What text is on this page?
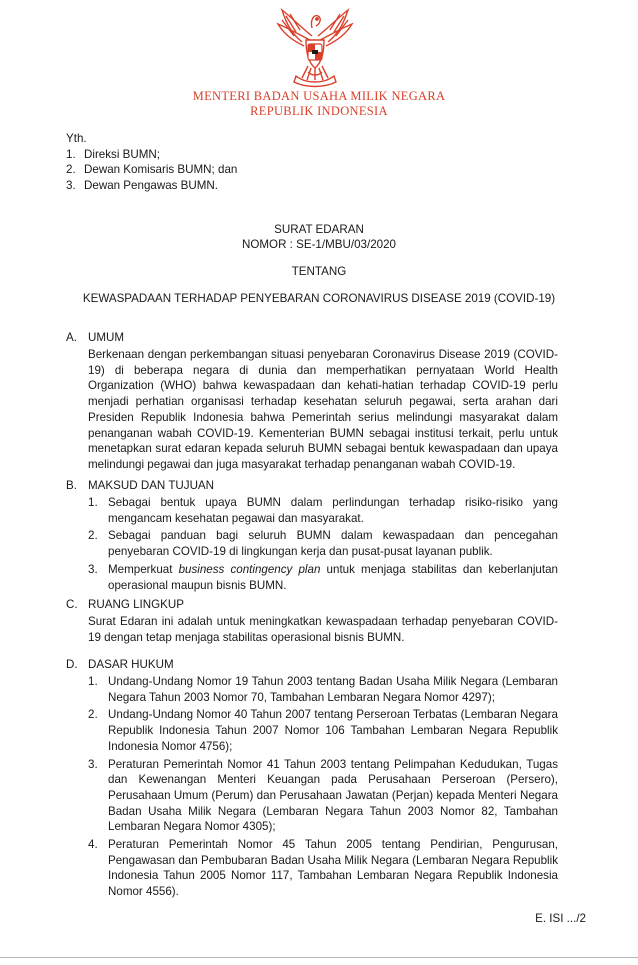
MENTERI BADAN USAHA MILIK NEGARA
REPUBLIK INDONESIA
Yth.
1. Direksi BUMN;
2. Dewan Komisaris BUMN; dan
3. Dewan Pengawas BUMN.
SURAT EDARAN
NOMOR : SE-1/MBU/03/2020
TENTANG
KEWASPADAAN TERHADAP PENYEBARAN CORONAVIRUS DISEASE 2019 (COVID-19)
A. UMUM

Berkenaan dengan perkembangan situasi penyebaran Coronavirus Disease 2019 (COVID-19) di beberapa negara di dunia dan memperhatikan pernyataan World Health Organization (WHO) bahwa kewaspadaan dan kehati-hatian terhadap COVID-19 perlu menjadi perhatian organisasi terhadap kesehatan seluruh pegawai, serta arahan dari Presiden Republik Indonesia bahwa Pemerintah serius melindungi masyarakat dalam penanganan wabah COVID-19. Kementerian BUMN sebagai institusi terkait, perlu untuk menetapkan surat edaran kepada seluruh BUMN sebagai bentuk kewaspadaan dan upaya melindungi pegawai dan juga masyarakat terhadap penanganan wabah COVID-19.

B. MAKSUD DAN TUJUAN
1. Sebagai bentuk upaya BUMN dalam perlindungan terhadap risiko-risiko yang mengancam kesehatan pegawai dan masyarakat.
2. Sebagai panduan bagi seluruh BUMN dalam kewaspadaan dan pencegahan penyebaran COVID-19 di lingkungan kerja dan pusat-pusat layanan publik.
3. Memperkuat business contingency plan untuk menjaga stabilitas dan keberlanjutan operasional maupun bisnis BUMN.
C. RUANG LINGKUP

Surat Edaran ini adalah untuk meningkatkan kewaspadaan terhadap penyebaran COVID-19 dengan tetap menjaga stabilitas operasional bisnis BUMN.

D. DASAR HUKUM
1. Undang-Undang Nomor 19 Tahun 2003 tentang Badan Usaha Milik Negara (Lembaran Negara Tahun 2003 Nomor 70, Tambahan Lembaran Negara Nomor 4297);
2. Undang-Undang Nomor 40 Tahun 2007 tentang Perseroan Terbatas (Lembaran Negara Republik Indonesia Tahun 2007 Nomor 106 Tambahan Lembaran Negara Republik Indonesia Nomor 4756);
3. Peraturan Pemerintah Nomor 41 Tahun 2003 tentang Pelimpahan Kedudukan, Tugas dan Kewenangan Menteri Keuangan pada Perusahaan Perseroan (Persero), Perusahaan Umum (Perum) dan Perusahaan Jawatan (Perjan) kepada Menteri Negara Badan Usaha Milik Negara (Lembaran Negara Tahun 2003 Nomor 82, Tambahan Lembaran Negara Nomor 4305);
4. Peraturan Pemerintah Nomor 45 Tahun 2005 tentang Pendirian, Pengurusan, Pengawasan dan Pembubaran Badan Usaha Milik Negara (Lembaran Negara Republik Indonesia Tahun 2005 Nomor 117, Tambahan Lembaran Negara Republik Indonesia Nomor 4556).
E. ISI .../2
